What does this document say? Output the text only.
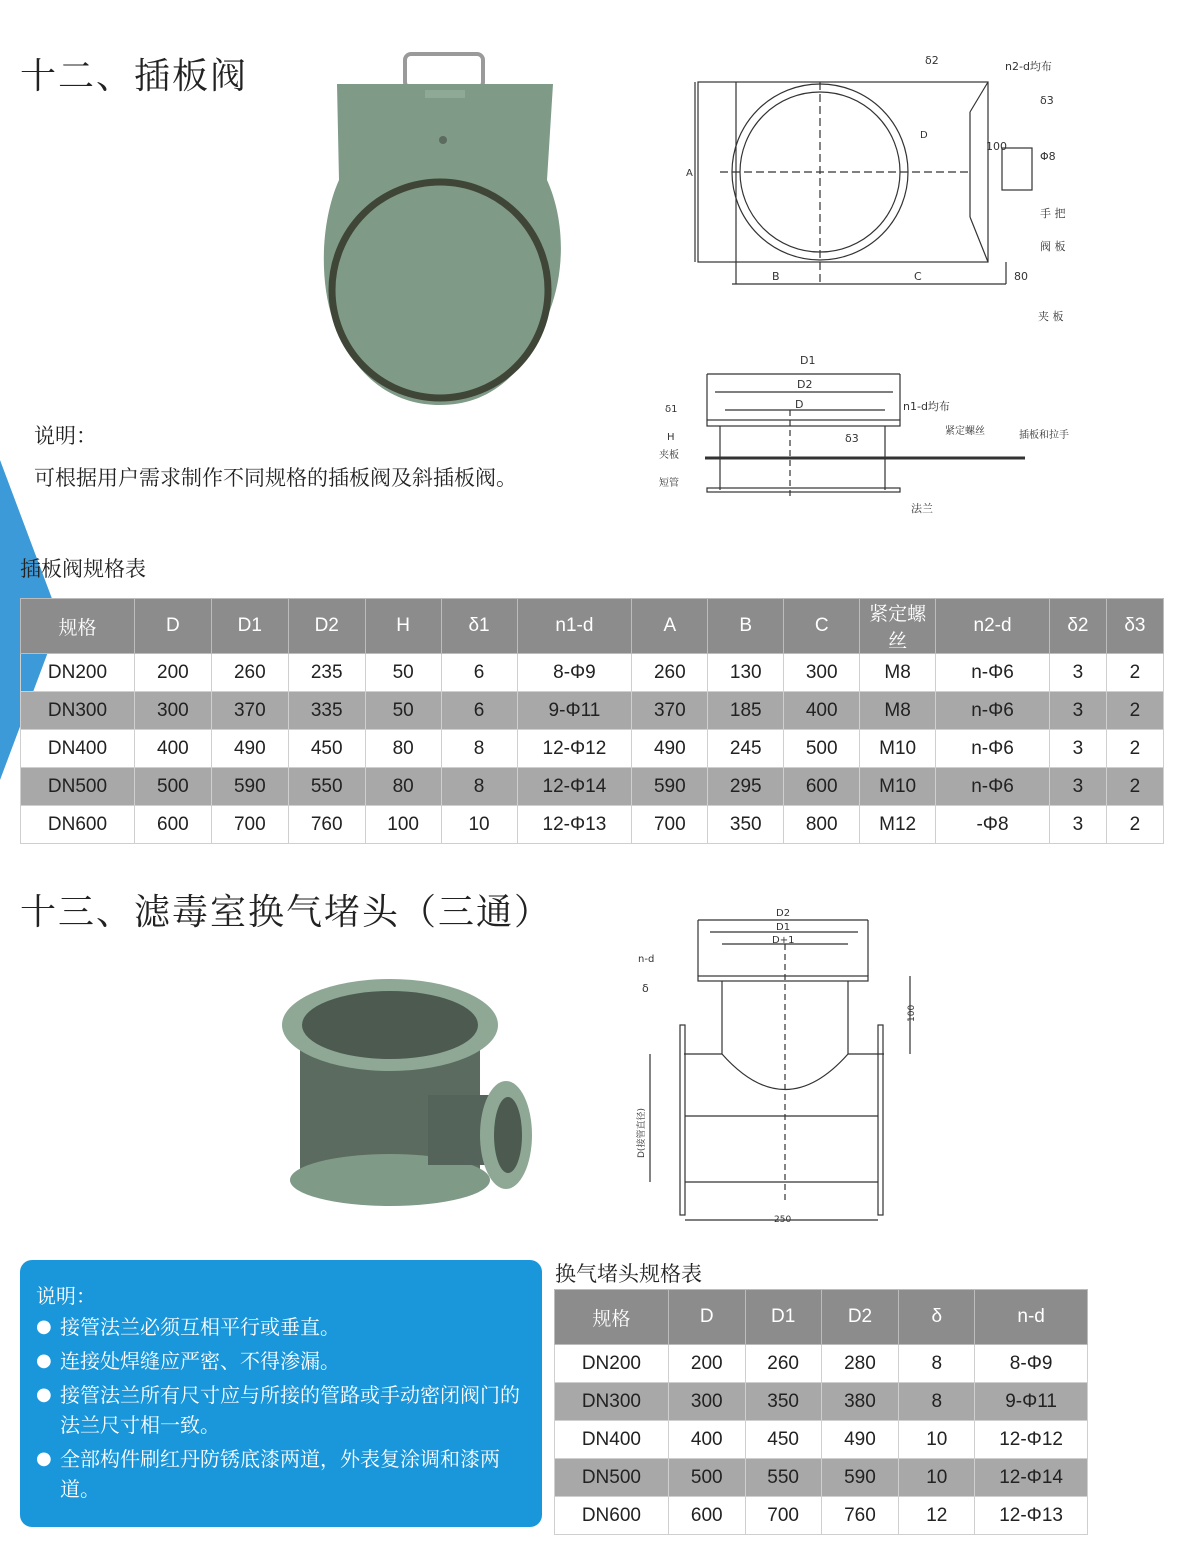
十二、插板阀	δ2	n2-d均布
δ3
100
Φ8
手 把
阀 板
A
D
B	C	80
夹 板
D1
D2
D	n1-d均布
δ1
H	δ3
紧定螺丝	插板和拉手
夹板
短管
法兰
说明：
可根据用户需求制作不同规格的插板阀及斜插板阀。
插板阀规格表
规格	D	D1	D2	H	δ1	n1-d	A	B	C	紧定螺丝	n2-d	δ2	δ3
DN200	200	260	235	50	6	8-Φ9	260	130	300	M8	n-Φ6	3	2
DN300	300	370	335	50	6	9-Φ11	370	185	400	M8	n-Φ6	3	2
DN400	400	490	450	80	8	12-Φ12	490	245	500	M10	n-Φ6	3	2
DN500	500	590	550	80	8	12-Φ14	590	295	600	M10	n-Φ6	3	2
DN600	600	700	760	100	10	12-Φ13	700	350	800	M12	-Φ8	3	2
十三、滤毒室换气堵头（三通）	D2
D1
D+1
n-d
δ
100
D(接管直径)
250
说明：
● 接管法兰必须互相平行或垂直。
● 连接处焊缝应严密、不得渗漏。
● 接管法兰所有尺寸应与所接的管路或手动密闭阀门的法兰尺寸相一致。
● 全部构件刷红丹防锈底漆两道，外表复涂调和漆两道。
换气堵头规格表
规格	D	D1	D2	δ	n-d
DN200	200	260	280	8	8-Φ9
DN300	300	350	380	8	9-Φ11
DN400	400	450	490	10	12-Φ12
DN500	500	550	590	10	12-Φ14
DN600	600	700	760	12	12-Φ13
